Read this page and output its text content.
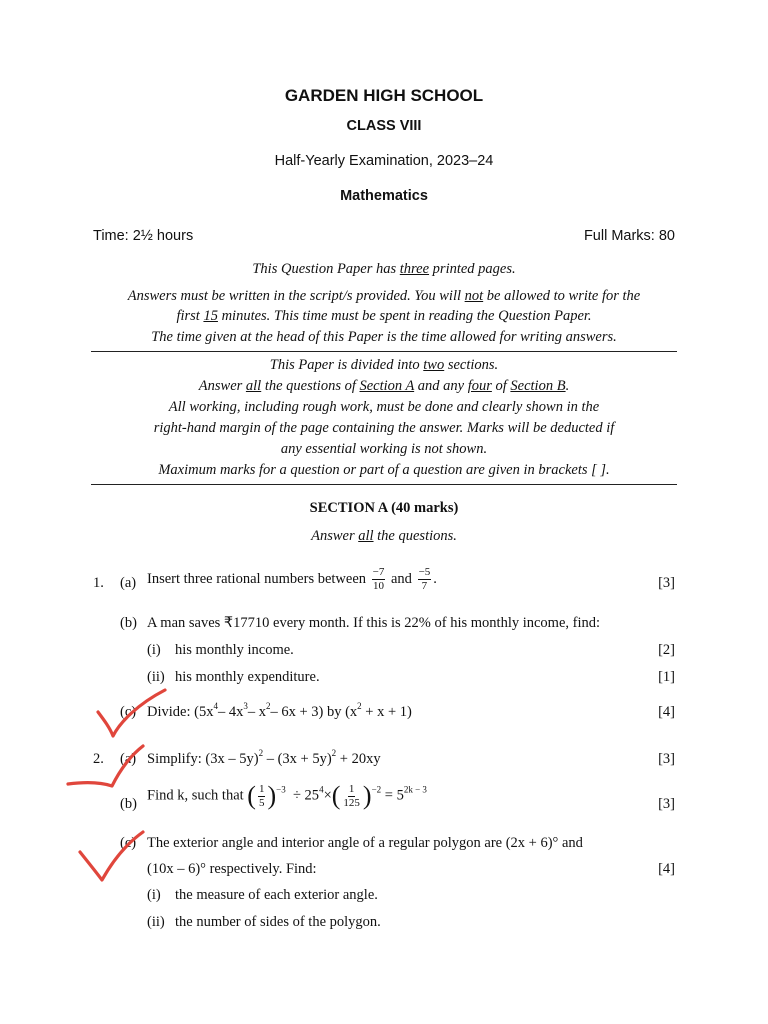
GARDEN HIGH SCHOOL
CLASS VIII
Half-Yearly Examination, 2023–24
Mathematics
Time: 2½ hours	Full Marks: 80
This Question Paper has three printed pages.
Answers must be written in the script/s provided. You will not be allowed to write for the
first 15 minutes. This time must be spent in reading the Question Paper.
The time given at the head of this Paper is the time allowed for writing answers.
This Paper is divided into two sections.
Answer all the questions of Section A and any four of Section B.
All working, including rough work, must be done and clearly shown in the
right-hand margin of the page containing the answer. Marks will be deducted if
any essential working is not shown.
Maximum marks for a question or part of a question are given in brackets [ ].
SECTION A (40 marks)
Answer all the questions.
1. (a) Insert three rational numbers between $\frac{-7}{10}$ and $\frac{-5}{7}$ .	[3]
(b) A man saves ₹17710 every month. If this is 22% of his monthly income, find:
(i) his monthly income.	[2]
(ii) his monthly expenditure.	[1]
(c) Divide: ($5x^4-$ $4x^3-$ $x^2-$ 6x + 3) by $(x^2 + x + 1)$	[4]
2. (a) Simplify: $(3x - 5y)^2 - (3x + 5y)^2 + 20xy$	[3]
(b)
Find k, such that ( $\frac{1}{5} )^{-3} \div 25^4\times( \frac{1}{125} )^{-2} = 5^{2k - 3}$
[3]
(c) The exterior angle and interior angle of a regular polygon are (2x + 6)° and
(10x – 6)° respectively. Find:	[4]
(i) the measure of each exterior angle.
(ii) the number of sides of the polygon.
